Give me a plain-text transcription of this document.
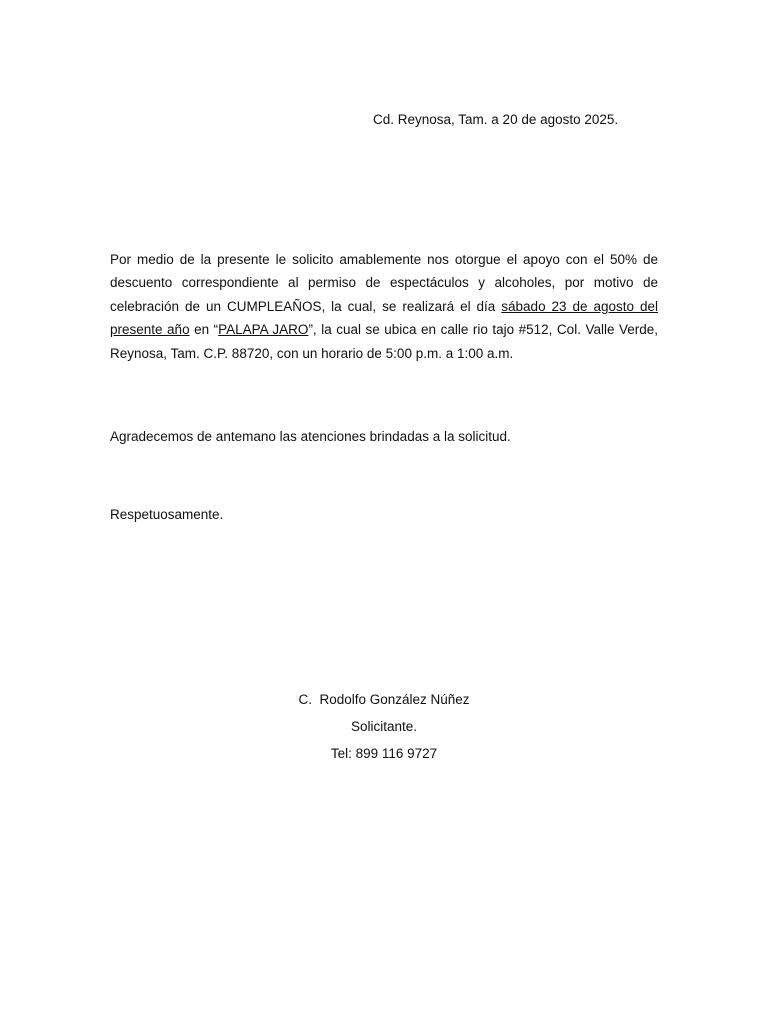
Cd. Reynosa, Tam. a 20 de agosto 2025.

Por medio de la presente le solicito amablemente nos otorgue el apoyo con el 50% de descuento correspondiente al permiso de espectáculos y alcoholes, por motivo de celebración de un CUMPLEAÑOS, la cual, se realizará el día sábado 23 de agosto del presente año en “PALAPA JARO”, la cual se ubica en calle rio tajo #512, Col. Valle Verde, Reynosa, Tam. C.P. 88720, con un horario de 5:00 p.m. a 1:00 a.m.

Agradecemos de antemano las atenciones brindadas a la solicitud.
Respetuosamente.
C.  Rodolfo González Núñez
Solicitante.
Tel: 899 116 9727
